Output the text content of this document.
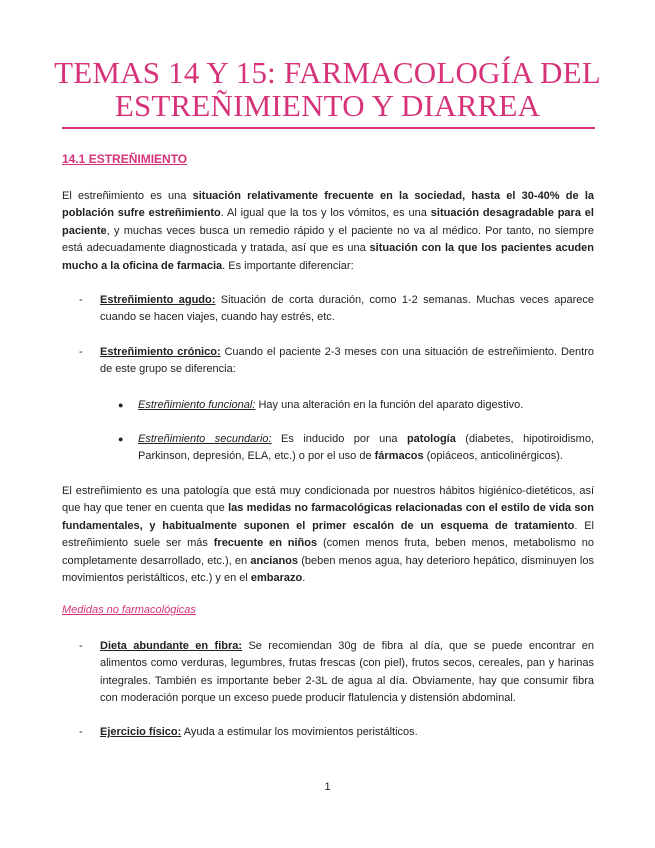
TEMAS 14 Y 15: FARMACOLOGÍA DEL ESTREÑIMIENTO Y DIARREA
14.1 ESTREÑIMIENTO
El estreñimiento es una situación relativamente frecuente en la sociedad, hasta el 30-40% de la población sufre estreñimiento. Al igual que la tos y los vómitos, es una situación desagradable para el paciente, y muchas veces busca un remedio rápido y el paciente no va al médico. Por tanto, no siempre está adecuadamente diagnosticada y tratada, así que es una situación con la que los pacientes acuden mucho a la oficina de farmacia. Es importante diferenciar:
- Estreñimiento agudo: Situación de corta duración, como 1-2 semanas. Muchas veces aparece cuando se hacen viajes, cuando hay estrés, etc.
- Estreñimiento crónico: Cuando el paciente 2-3 meses con una situación de estreñimiento. Dentro de este grupo se diferencia:
● Estreñimiento funcional: Hay una alteración en la función del aparato digestivo.
● Estreñimiento secundario: Es inducido por una patología (diabetes, hipotiroidismo, Parkinson, depresión, ELA, etc.) o por el uso de fármacos (opiáceos, anticolinérgicos).
El estreñimiento es una patología que está muy condicionada por nuestros hábitos higiénico-dietéticos, así que hay que tener en cuenta que las medidas no farmacológicas relacionadas con el estilo de vida son fundamentales, y habitualmente suponen el primer escalón de un esquema de tratamiento. El estreñimiento suele ser más frecuente en niños (comen menos fruta, beben menos, metabolismo no completamente desarrollado, etc.), en ancianos (beben menos agua, hay deterioro hepático, disminuyen los movimientos peristálticos, etc.) y en el embarazo.
Medidas no farmacológicas
- Dieta abundante en fibra: Se recomiendan 30g de fibra al día, que se puede encontrar en alimentos como verduras, legumbres, frutas frescas (con piel), frutos secos, cereales, pan y harinas integrales. También es importante beber 2-3L de agua al día. Obviamente, hay que consumir fibra con moderación porque un exceso puede producir flatulencia y distensión abdominal.
- Ejercicio físico: Ayuda a estimular los movimientos peristálticos.
1
